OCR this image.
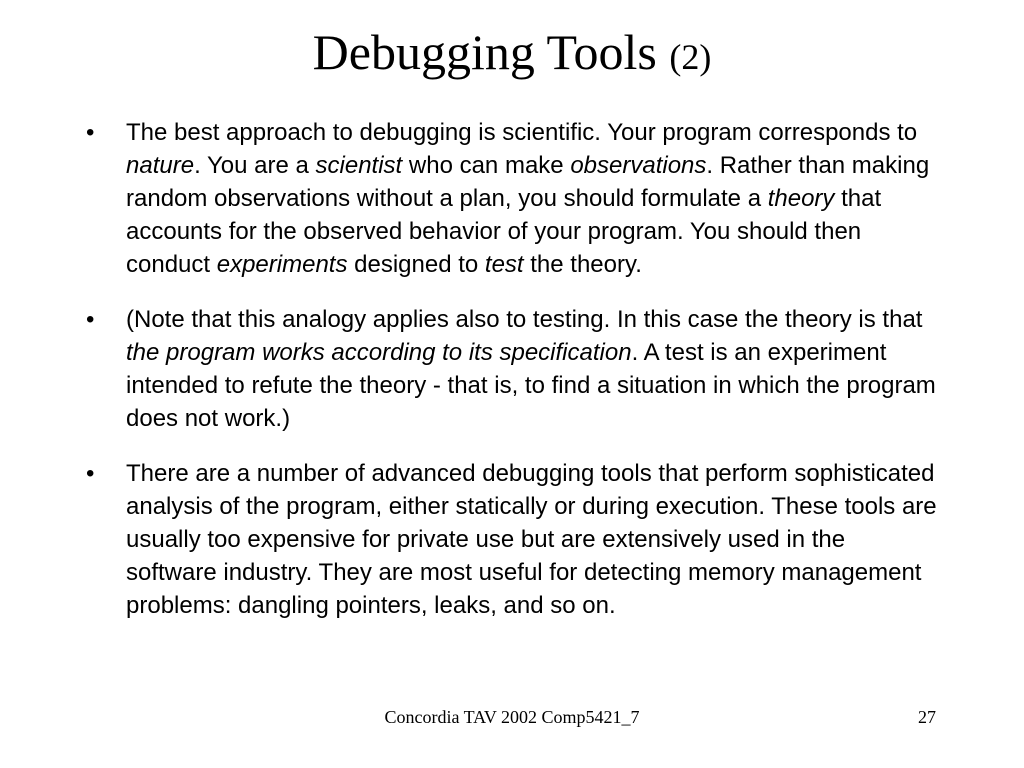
Debugging Tools (2)
•	The best approach to debugging is scientific. Your program corresponds to nature. You are a scientist who can make observations. Rather than making random observations without a plan, you should formulate a theory that accounts for the observed behavior of your program. You should then conduct experiments designed to test the theory.
•	(Note that this analogy applies also to testing. In this case the theory is that the program works according to its specification. A test is an experiment intended to refute the theory - that is, to find a situation in which the program does not work.)
•	There are a number of advanced debugging tools that perform sophisticated analysis of the program, either statically or during execution. These tools are usually too expensive for private use but are extensively used in the software industry. They are most useful for detecting memory management problems: dangling pointers, leaks, and so on.
Concordia TAV 2002 Comp5421_7	27
